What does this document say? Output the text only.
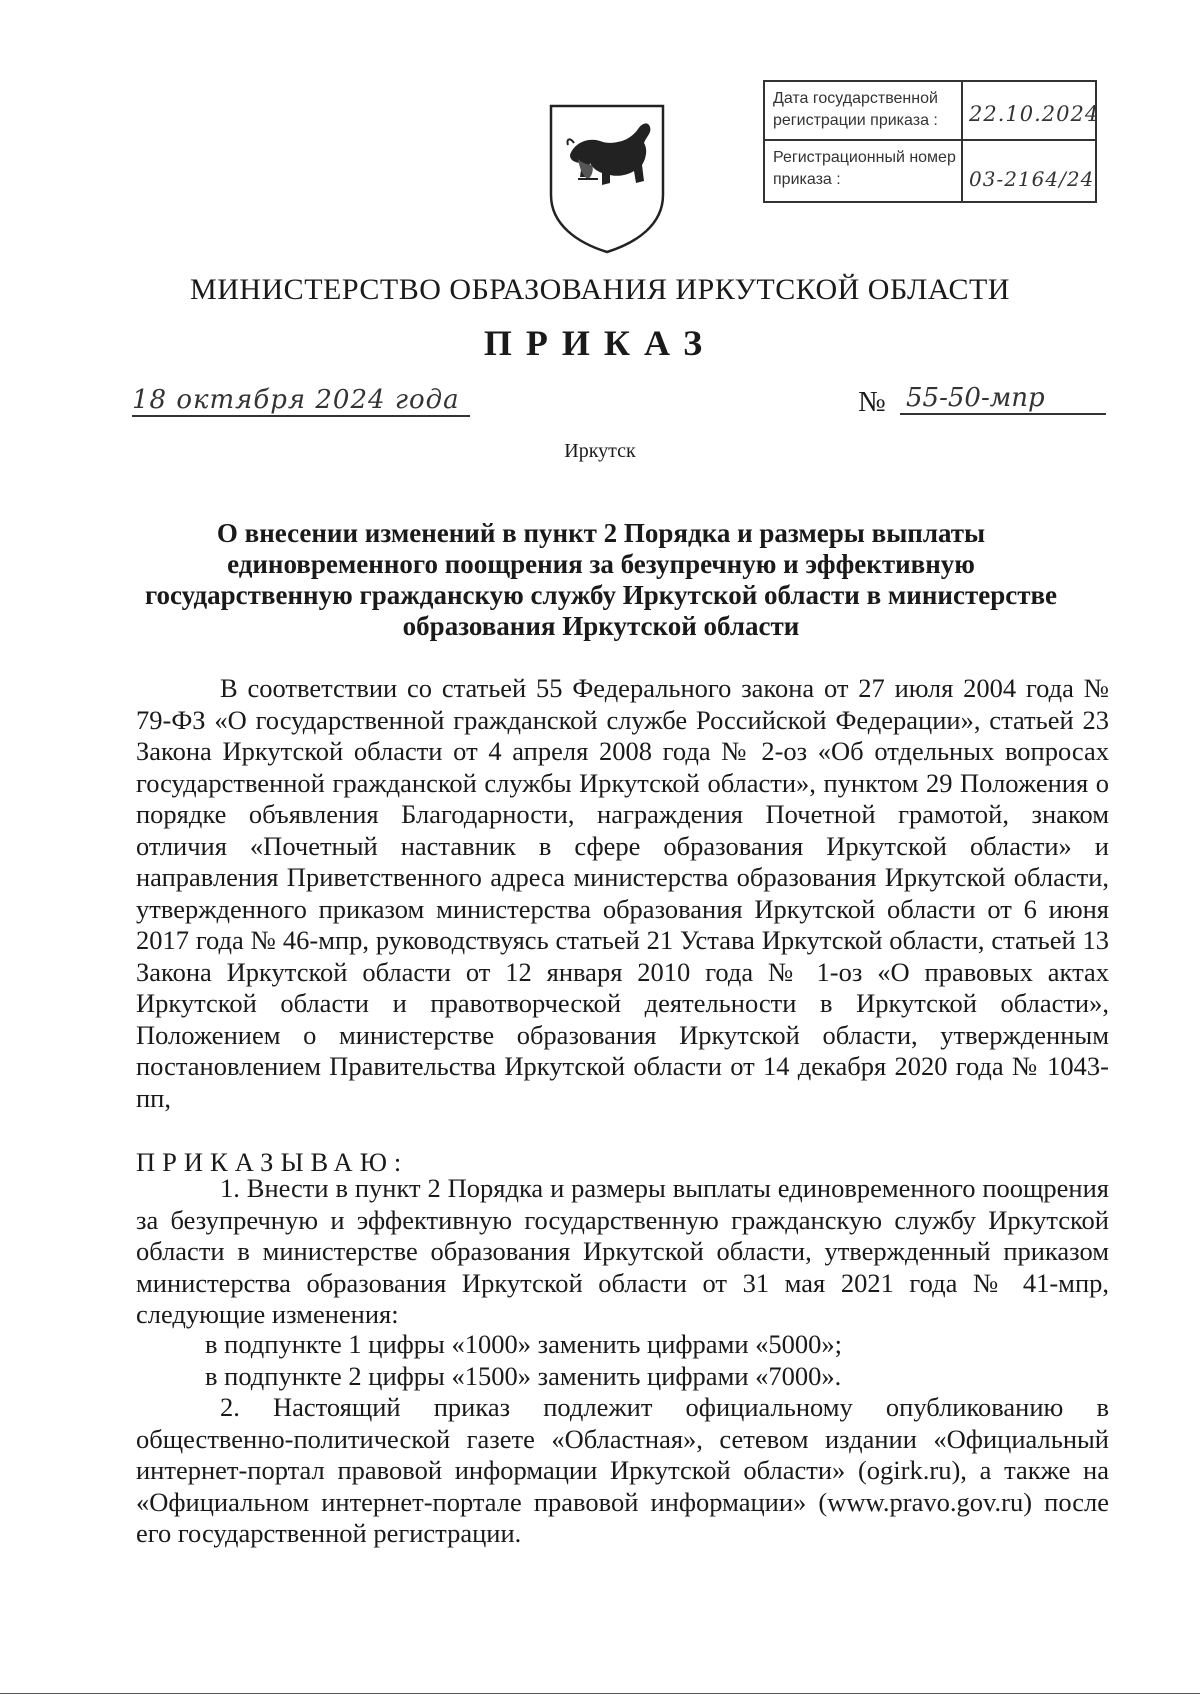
Дата государственной регистрации приказа :	22.10.2024
Регистрационный номер приказа :	03-2164/24
МИНИСТЕРСТВО ОБРАЗОВАНИЯ ИРКУТСКОЙ ОБЛАСТИ
ПРИКАЗ
18 октября 2024 года	№ 55-50-мпр
Иркутск
О внесении изменений в пункт 2 Порядка и размеры выплаты единовременного поощрения за безупречную и эффективную государственную гражданскую службу Иркутской области в министерстве образования Иркутской области
В соответствии со статьей 55 Федерального закона от 27 июля 2004 года № 79-ФЗ «О государственной гражданской службе Российской Федерации», статьей 23 Закона Иркутской области от 4 апреля 2008 года № 2-оз «Об отдельных вопросах государственной гражданской службы Иркутской области», пунктом 29 Положения о порядке объявления Благодарности, награждения Почетной грамотой, знаком отличия «Почетный наставник в сфере образования Иркутской области» и направления Приветственного адреса министерства образования Иркутской области, утвержденного приказом министерства образования Иркутской области от 6 июня 2017 года № 46-мпр, руководствуясь статьей 21 Устава Иркутской области, статьей 13 Закона Иркутской области от 12 января 2010 года № 1-оз «О правовых актах Иркутской области и правотворческой деятельности в Иркутской области», Положением о министерстве образования Иркутской области, утвержденным постановлением Правительства Иркутской области от 14 декабря 2020 года № 1043-пп,
ПРИКАЗЫВАЮ:
1. Внести в пункт 2 Порядка и размеры выплаты единовременного поощрения за безупречную и эффективную государственную гражданскую службу Иркутской области в министерстве образования Иркутской области, утвержденный приказом министерства образования Иркутской области от 31 мая 2021 года № 41-мпр, следующие изменения:
в подпункте 1 цифры «1000» заменить цифрами «5000»;
в подпункте 2 цифры «1500» заменить цифрами «7000».
2. Настоящий приказ подлежит официальному опубликованию в общественно-политической газете «Областная», сетевом издании «Официальный интернет-портал правовой информации Иркутской области» (ogirk.ru), а также на «Официальном интернет-портале правовой информации» (www.pravo.gov.ru) после его государственной регистрации.
